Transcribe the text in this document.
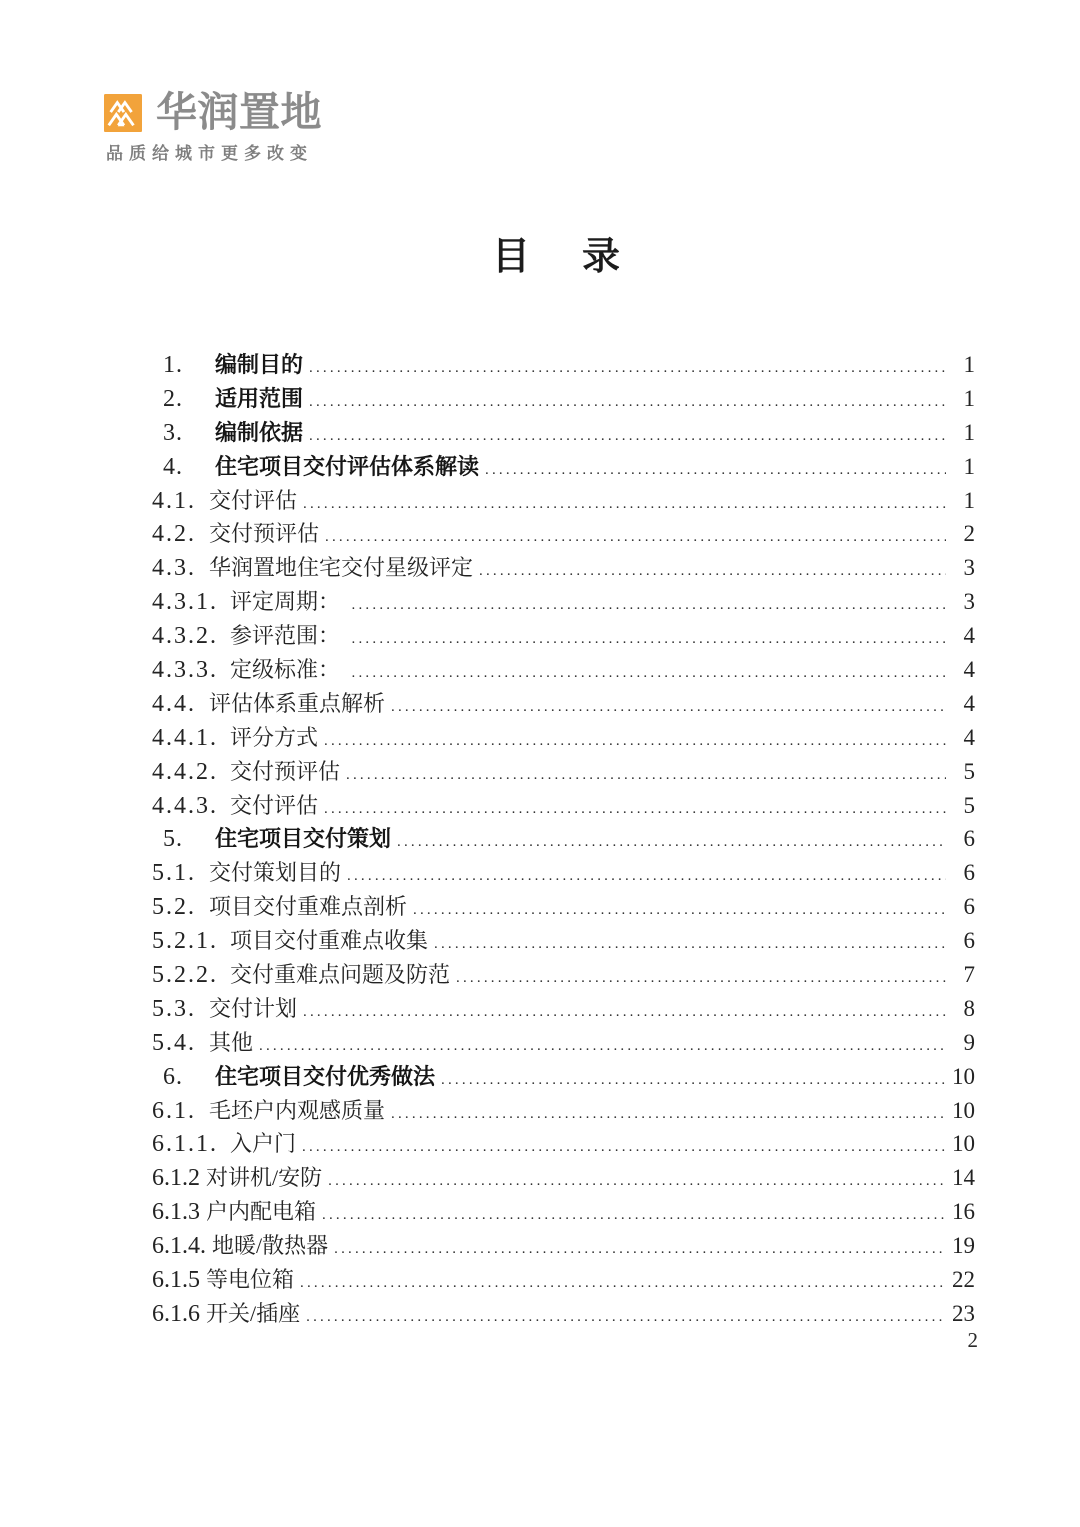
华润置地
品质给城市更多改变
目 录
1.	编制目的 .....	1
2.	适用范围 .....	1
3.	编制依据 .....	1
4.	住宅项目交付评估体系解读 .....	1
4.1. 交付评估 .....	1
4.2. 交付预评估 .....	2
4.3. 华润置地住宅交付星级评定 .....	3
4.3.1. 评定周期： .....	3
4.3.2. 参评范围： .....	4
4.3.3. 定级标准： .....	4
4.4. 评估体系重点解析 .....	4
4.4.1. 评分方式 .....	4
4.4.2. 交付预评估 .....	5
4.4.3. 交付评估 .....	5
5.	住宅项目交付策划 .....	6
5.1. 交付策划目的 .....	6
5.2. 项目交付重难点剖析 .....	6
5.2.1. 项目交付重难点收集 .....	6
5.2.2. 交付重难点问题及防范 .....	7
5.3. 交付计划 .....	8
5.4. 其他 .....	9
6.	住宅项目交付优秀做法 .....	10
6.1. 毛坯户内观感质量 .....	10
6.1.1. 入户门 .....	10
6.1.2 对讲机/安防 .....	14
6.1.3 户内配电箱 .....	16
6.1.4. 地暖/散热器 .....	19
6.1.5 等电位箱 .....	22
6.1.6 开关/插座 .....	23
2
